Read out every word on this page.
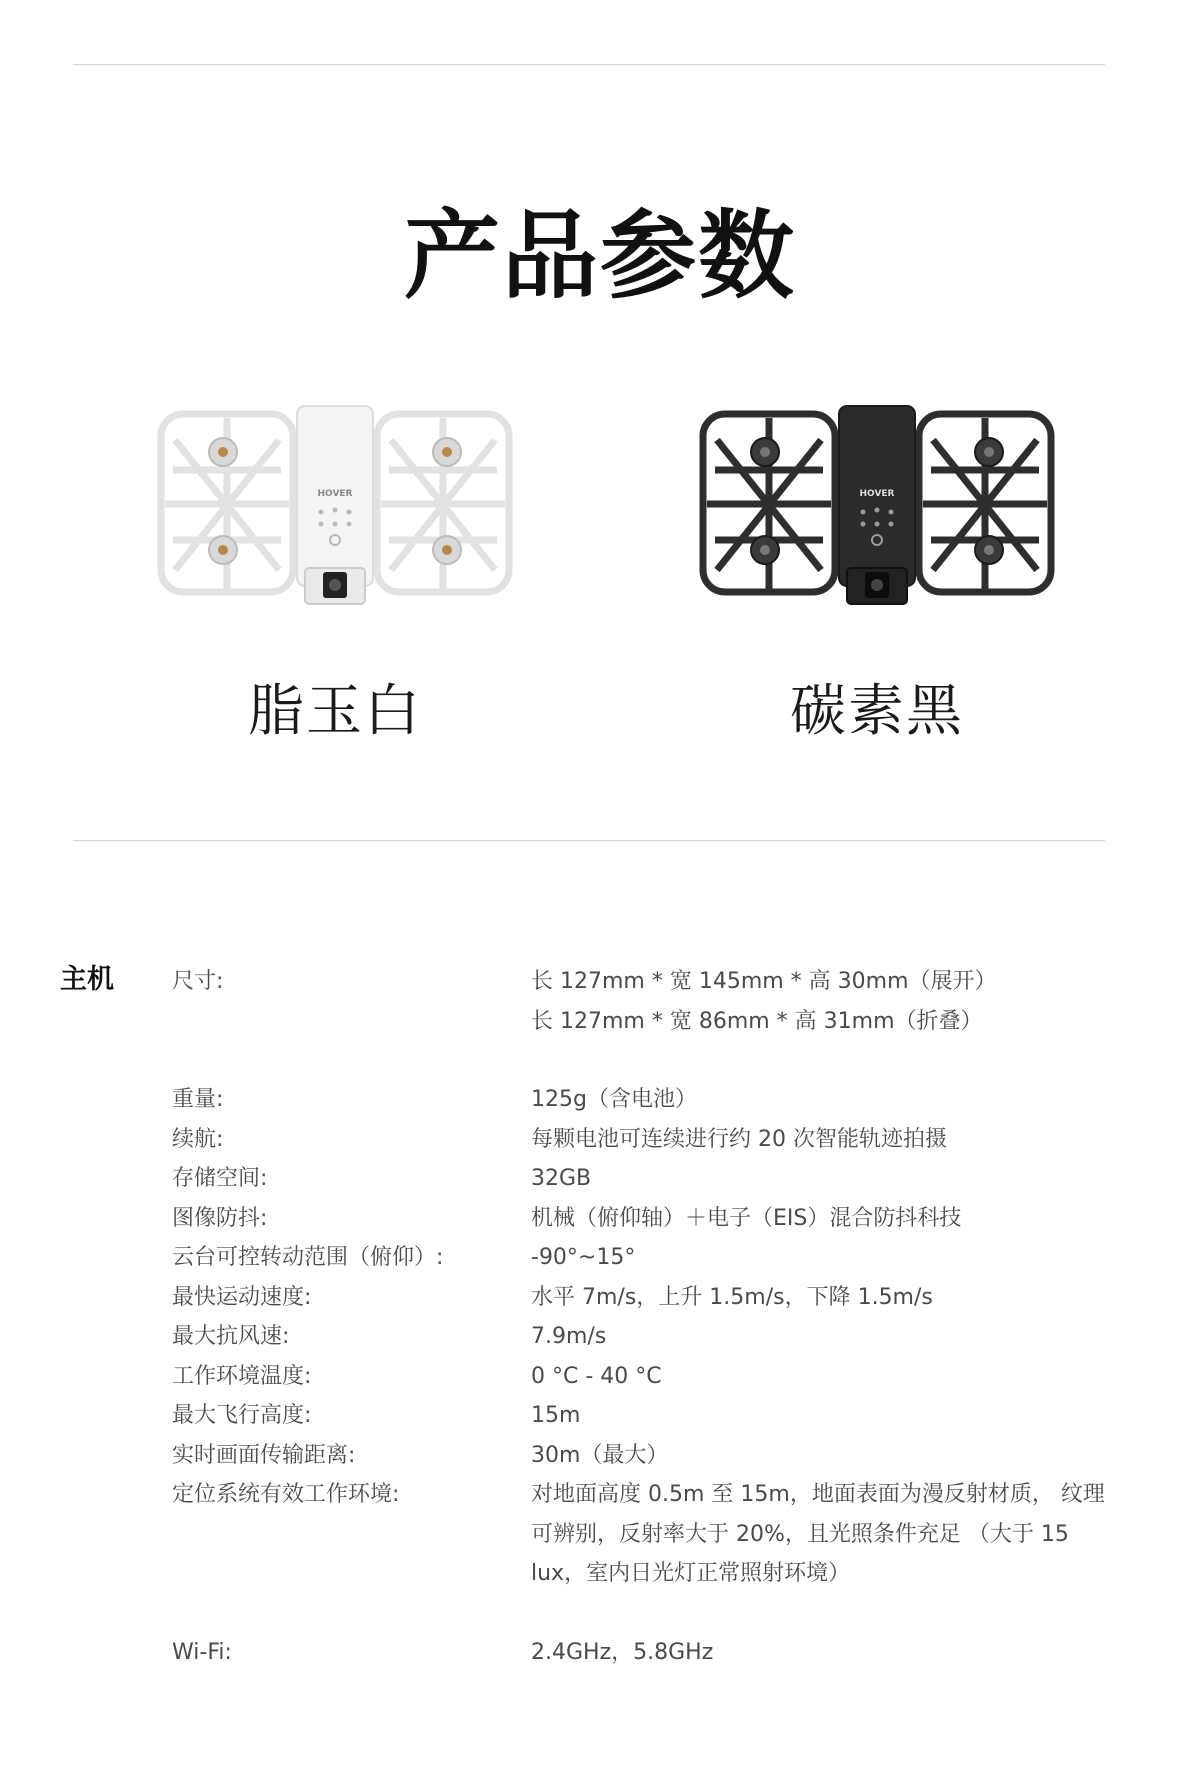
产品参数
HOVER	HOVER
脂玉白	碳素黑
主机	尺寸:	长 127mm * 宽 145mm * 高 30mm（展开）
长 127mm * 宽 86mm * 高 31mm（折叠）
重量:	125g（含电池）
续航:	每颗电池可连续进行约 20 次智能轨迹拍摄
存储空间:	32GB
图像防抖:	机械（俯仰轴）＋电子（EIS）混合防抖科技
云台可控转动范围（俯仰）:	-90°~15°
最快运动速度:	水平 7m/s，上升 1.5m/s，下降 1.5m/s
最大抗风速:	7.9m/s
工作环境温度:	0 °C - 40 °C
最大飞行高度:	15m
实时画面传输距离:	30m（最大）
定位系统有效工作环境:	对地面高度 0.5m 至 15m，地面表面为漫反射材质， 纹理
可辨别，反射率大于 20%，且光照条件充足 （大于 15
lux，室内日光灯正常照射环境）
Wi-Fi:	2.4GHz，5.8GHz
